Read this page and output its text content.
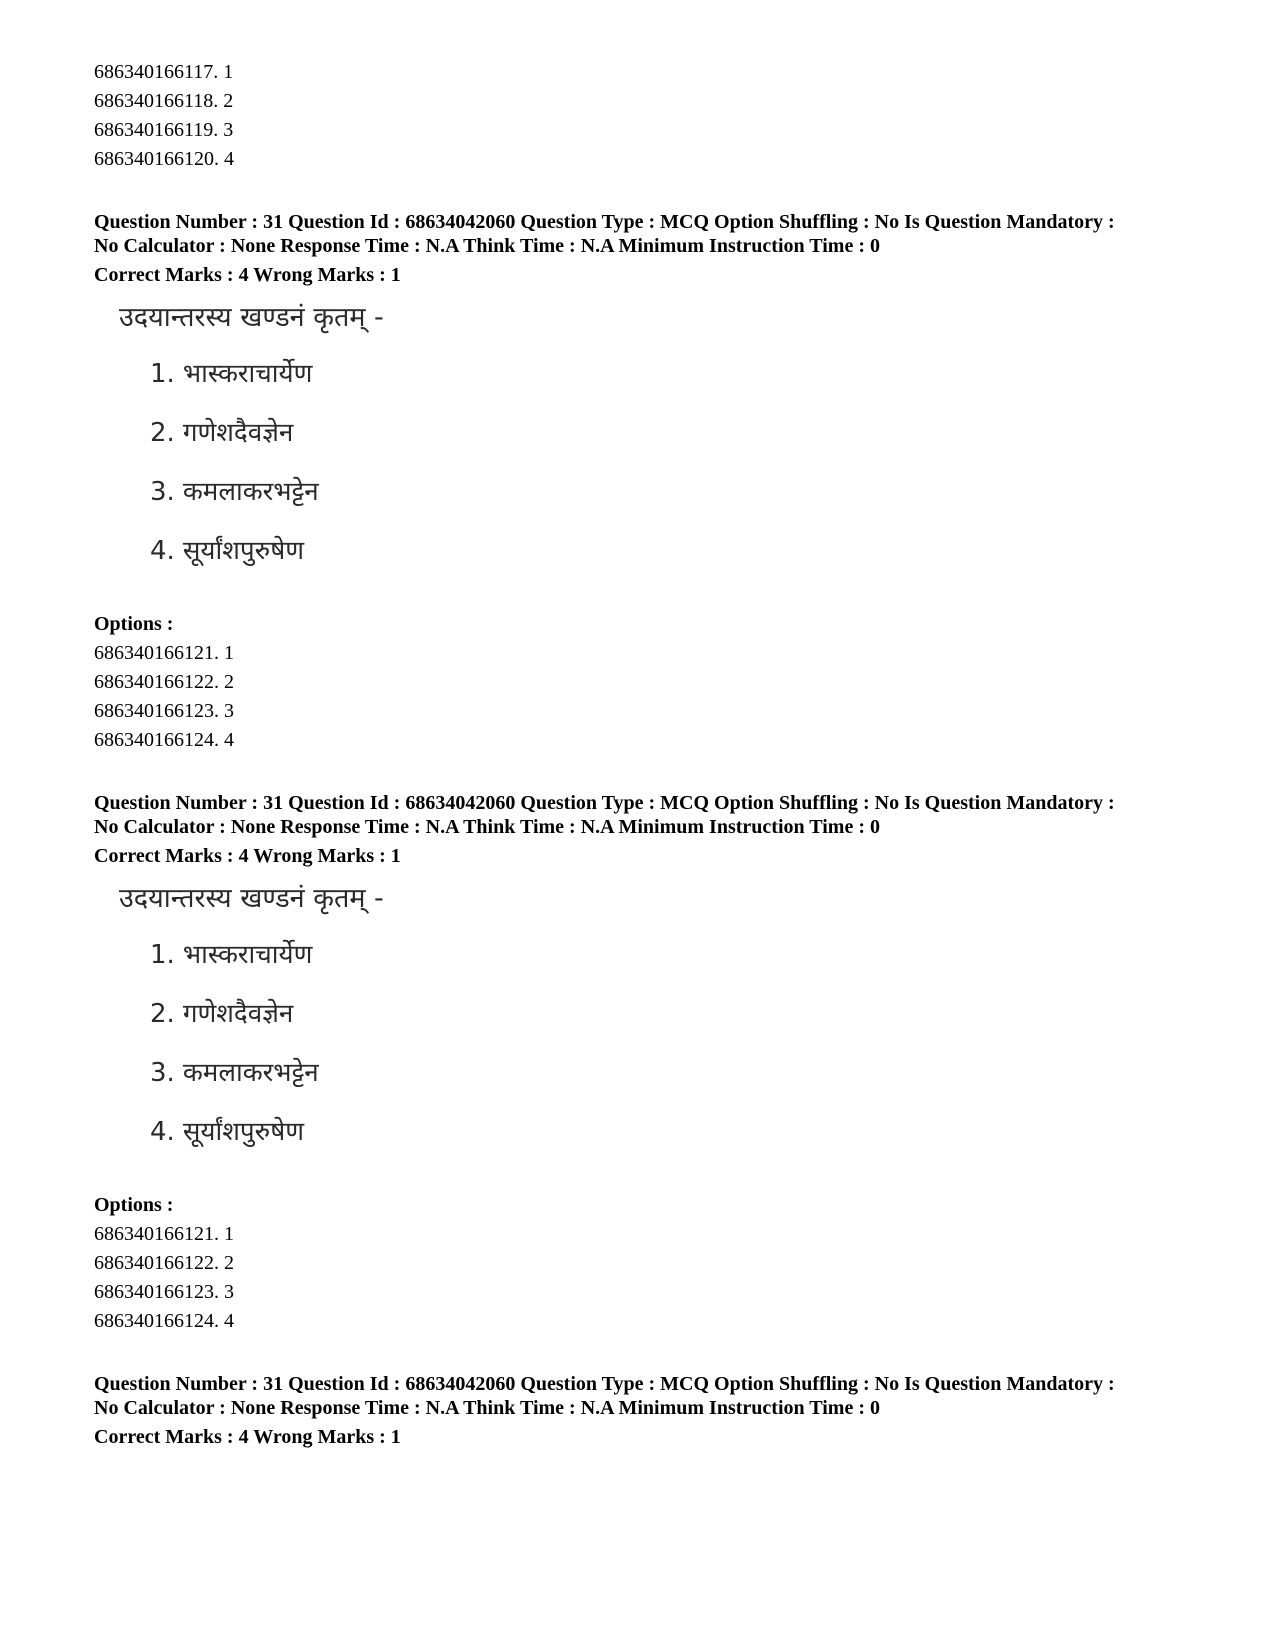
686340166117. 1
686340166118. 2
686340166119. 3
686340166120. 4
Question Number : 31 Question Id : 68634042060 Question Type : MCQ Option Shuffling : No Is Question Mandatory :
No Calculator : None Response Time : N.A Think Time : N.A Minimum Instruction Time : 0
Correct Marks : 4 Wrong Marks : 1
उदयान्तरस्य खण्डनं कृतम् -
1. भास्कराचार्येण
2. गणेशदैवज्ञेन
3. कमलाकरभट्टेन
4. सूर्यांशपुरुषेण
Options :
686340166121. 1
686340166122. 2
686340166123. 3
686340166124. 4
Question Number : 31 Question Id : 68634042060 Question Type : MCQ Option Shuffling : No Is Question Mandatory :
No Calculator : None Response Time : N.A Think Time : N.A Minimum Instruction Time : 0
Correct Marks : 4 Wrong Marks : 1
उदयान्तरस्य खण्डनं कृतम् -
1. भास्कराचार्येण
2. गणेशदैवज्ञेन
3. कमलाकरभट्टेन
4. सूर्यांशपुरुषेण
Options :
686340166121. 1
686340166122. 2
686340166123. 3
686340166124. 4
Question Number : 31 Question Id : 68634042060 Question Type : MCQ Option Shuffling : No Is Question Mandatory :
No Calculator : None Response Time : N.A Think Time : N.A Minimum Instruction Time : 0
Correct Marks : 4 Wrong Marks : 1
